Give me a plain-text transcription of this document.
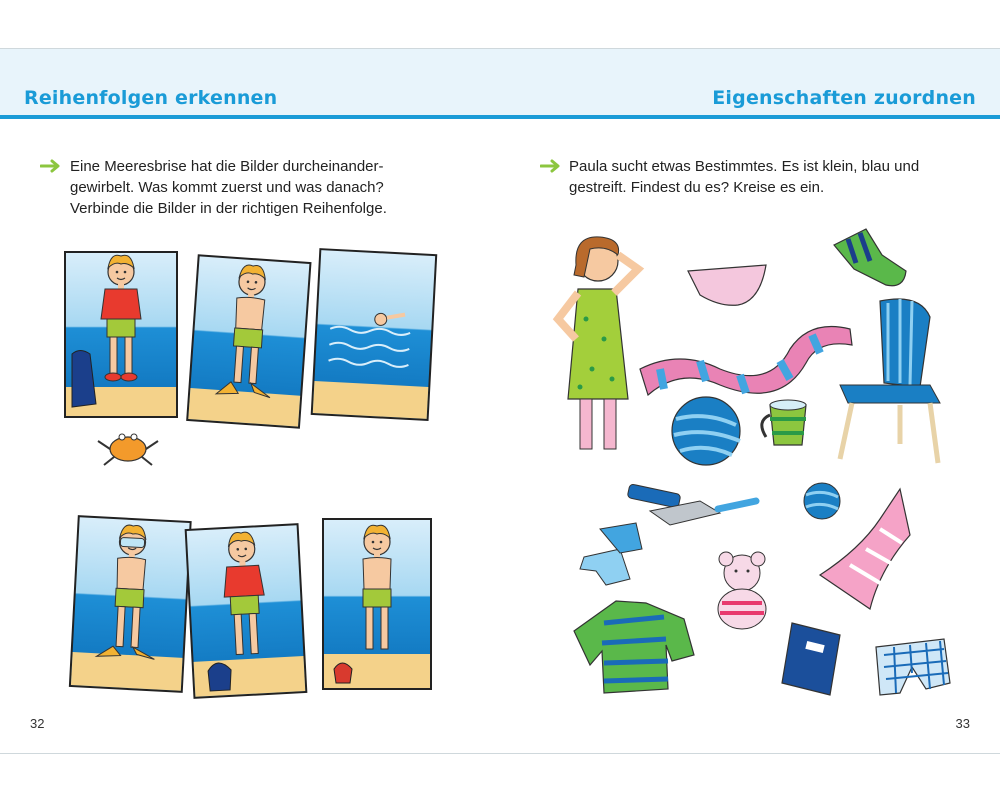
Reihenfolgen erkennen	Eigenschaften zuordnen
Eine Meeresbrise hat die Bilder durcheinander-
gewirbelt. Was kommt zuerst und was danach?
Verbinde die Bilder in der richtigen Reihenfolge.
Paula sucht etwas Bestimmtes. Es ist klein, blau und
gestreift. Findest du es? Kreise es ein.
32	33
